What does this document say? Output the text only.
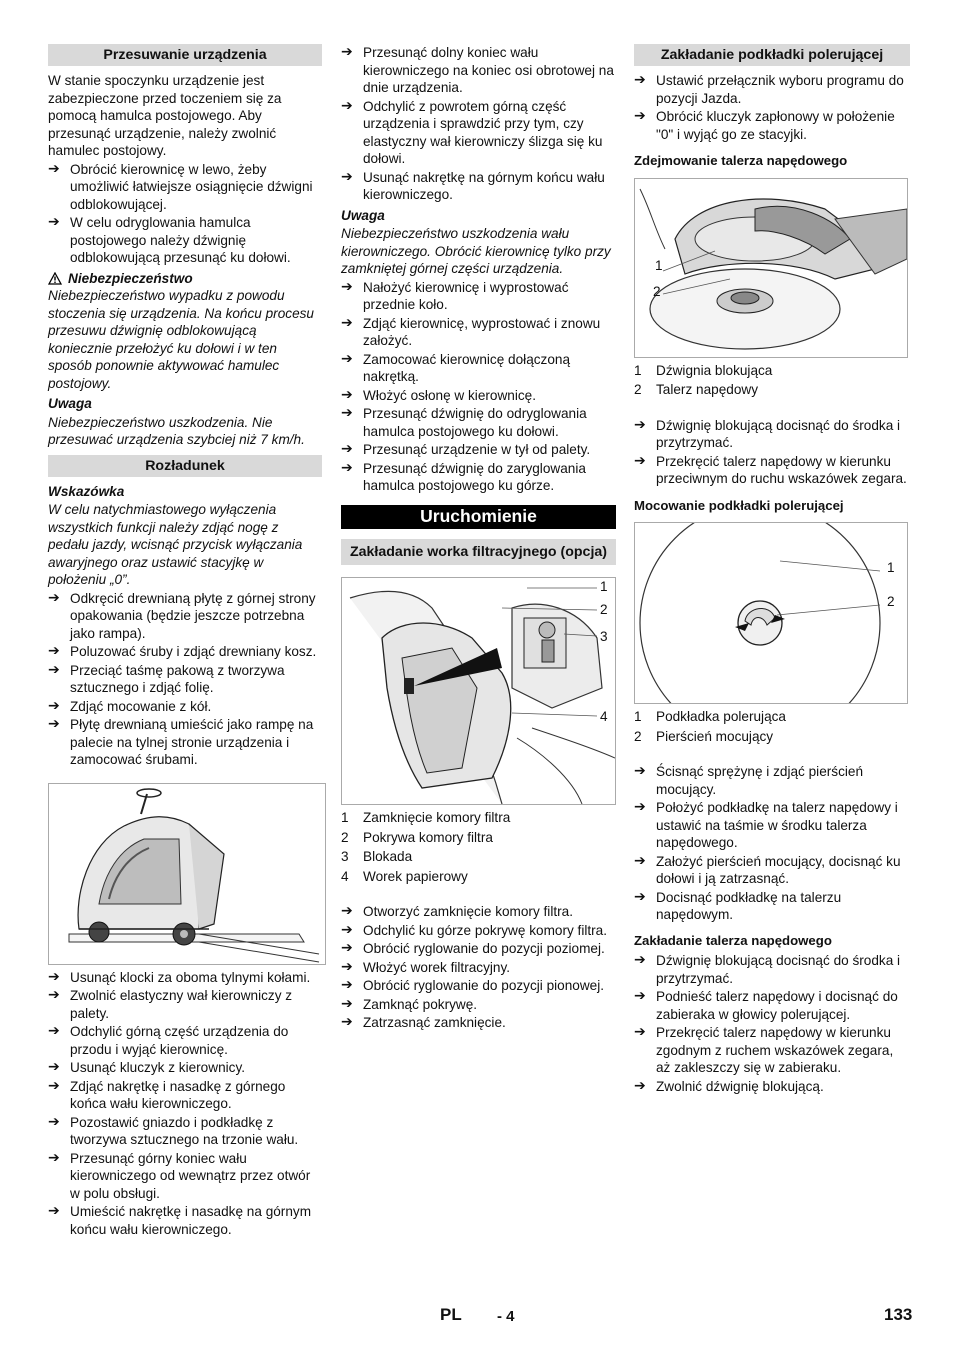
Przesuwanie urządzenia

W stanie spoczynku urządzenie jest zabezpieczone przed toczeniem się za pomocą hamulca postojowego. Aby przesunąć urządzenie, należy zwolnić hamulec postojowy.

➔ Obrócić kierownicę w lewo, żeby umożliwić łatwiejsze osiągnięcie dźwigni odblokowującej.
➔ W celu odryglowania hamulca postojowego należy dźwignię odblokowującą przesunąć ku dołowi.
Niebezpieczeństwo

Niebezpieczeństwo wypadku z powodu stoczenia się urządzenia. Na końcu procesu przesuwu dźwignię odblokowującą koniecznie przełożyć ku dołowi i w ten sposób ponownie aktywować hamulec postojowy.

Uwaga

Niebezpieczeństwo uszkodzenia. Nie przesuwać urządzenia szybciej niż 7 km/h.

Rozładunek

Wskazówka

W celu natychmiastowego wyłączenia wszystkich funkcji należy zdjąć nogę z pedału jazdy, wcisnąć przycisk wyłączania awaryjnego oraz ustawić stacyjkę w położeniu „0”.

➔ Odkręcić drewnianą płytę z górnej strony opakowania (będzie jeszcze potrzebna jako rampa).
➔ Poluzować śruby i zdjąć drewniany kosz.
➔ Przeciąć taśmę pakową z tworzywa sztucznego i zdjąć folię.
➔ Zdjąć mocowanie z kół.
➔ Płytę drewnianą umieścić jako rampę na palecie na tylnej stronie urządzenia i zamocować śrubami.
➔ Usunąć klocki za oboma tylnymi kołami.
➔ Zwolnić elastyczny wał kierowniczy z palety.
➔ Odchylić górną część urządzenia do przodu i wyjąć kierownicę.
➔ Usunąć kluczyk z kierownicy.
➔ Zdjąć nakrętkę i nasadkę z górnego końca wału kierowniczego.
➔ Pozostawić gniazdo i podkładkę z tworzywa sztucznego na trzonie wału.
➔ Przesunąć górny koniec wału kierowniczego od wewnątrz przez otwór w polu obsługi.
➔ Umieścić nakrętkę i nasadkę na górnym końcu wału kierowniczego.
➔ Przesunąć dolny koniec wału kierowniczego na koniec osi obrotowej na dnie urządzenia.
➔ Odchylić z powrotem górną część urządzenia i sprawdzić przy tym, czy elastyczny wał kierowniczy ślizga się ku dołowi.
➔ Usunąć nakrętkę na górnym końcu wału kierowniczego.

Uwaga

Niebezpieczeństwo uszkodzenia wału kierowniczego. Obrócić kierownicę tylko przy zamkniętej górnej części urządzenia.

➔ Nałożyć kierownicę i wyprostować przednie koło.
➔ Zdjąć kierownicę, wyprostować i znowu założyć.
➔ Zamocować kierownicę dołączoną nakrętką.
➔ Włożyć osłonę w kierownicę.
➔ Przesunąć dźwignię do odryglowania hamulca postojowego ku dołowi.
➔ Przesunąć urządzenie w tył od palety.
➔ Przesunąć dźwignię do zaryglowania hamulca postojowego ku górze.
Uruchomienie
Zakładanie worka filtracyjnego (opcja)
1
2
3
4
1	Zamknięcie komory filtra
2	Pokrywa komory filtra
3	Blokada
4	Worek papierowy
➔ Otworzyć zamknięcie komory filtra.
➔ Odchylić ku górze pokrywę komory filtra.
➔ Obrócić ryglowanie do pozycji poziomej.
➔ Włożyć worek filtracyjny.
➔ Obrócić ryglowanie do pozycji pionowej.
➔ Zamknąć pokrywę.
➔ Zatrzasnąć zamknięcie.
Zakładanie podkładki polerującej
➔ Ustawić przełącznik wyboru programu do pozycji Jazda.
➔ Obrócić kluczyk zapłonowy w położenie "0" i wyjąć go ze stacyjki.
Zdejmowanie talerza napędowego
1
2
1	Dźwignia blokująca
2	Talerz napędowy
➔ Dźwignię blokującą docisnąć do środka i przytrzymać.
➔ Przekręcić talerz napędowy w kierunku przeciwnym do ruchu wskazówek zegara.
Mocowanie podkładki polerującej
1
2
1	Podkładka polerująca
2	Pierścień mocujący
➔ Ścisnąć sprężynę i zdjąć pierścień mocujący.
➔ Położyć podkładkę na talerz napędowy i ustawić na taśmie w środku talerza napędowego.
➔ Założyć pierścień mocujący, docisnąć ku dołowi i ją zatrzasnąć.
➔ Docisnąć podkładkę na talerzu napędowym.
Zakładanie talerza napędowego
➔ Dźwignię blokującą docisnąć do środka i przytrzymać.
➔ Podnieść talerz napędowy i docisnąć do zabieraka w głowicy polerującej.
➔ Przekręcić talerz napędowy w kierunku zgodnym z ruchem wskazówek zegara, aż zakleszczy się w zabieraku.
➔ Zwolnić dźwignię blokującą.
PL - 4	133
